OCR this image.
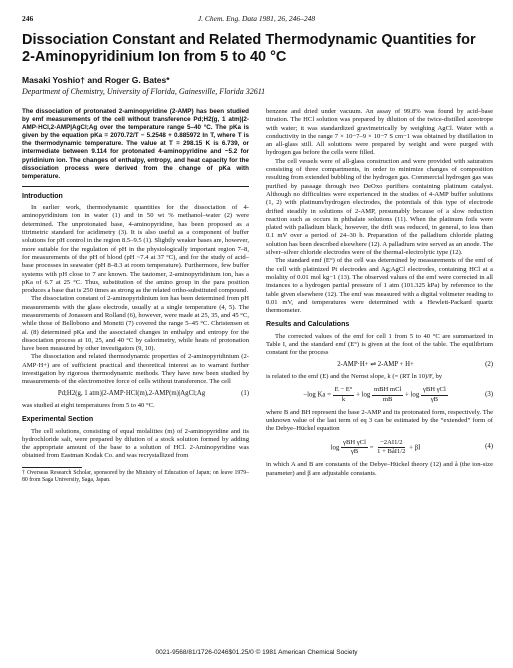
246	J. Chem. Eng. Data 1981, 26, 246–248
Dissociation Constant and Related Thermodynamic Quantities for 2-Aminopyridinium Ion from 5 to 40 °C
Masaki Yoshio† and Roger G. Bates*
Department of Chemistry, University of Florida, Gainesville, Florida 32611

The dissociation of protonated 2-aminopyridine (2-AMP) has been studied by emf measurements of the cell without transference Pd;H2(g, 1 atm)|2-AMP·HCl,2-AMP|AgCl;Ag over the temperature range 5–40 °C. The pKa is given by the equation pKa = 2070.72/T − 5.2548 + 0.885972 ln T, where T is the thermodynamic temperature. The value at T = 298.15 K is 6.739, or intermediate between 9.114 for protonated 4-aminopyridine and ~5.2 for pyridinium ion. The changes of enthalpy, entropy, and heat capacity for the dissociation process were derived from the change of pKa with temperature.

Introduction

In earlier work, thermodynamic quantities for the dissociation of 4-aminopyridinium ion in water (1) and in 50 wt % methanol–water (2) were determined. The unprotonated base, 4-aminopyridine, has been proposed as a titrimetric standard for acidimetry (3). It is also useful as a component of buffer solutions for pH control in the region 8.5–9.5 (1). Slightly weaker bases are, however, more suitable for the regulation of pH in the physiologically important region 7–8, for measurements of the pH of blood (pH ~7.4 at 37 °C), and for the study of acid–base processes in seawater (pH 8–8.3 at room temperature). Furthermore, few buffer systems with pH close to 7 are known. The tautomer, 2-aminopyridinium ion, has a pKa of 6.7 at 25 °C. Thus, substitution of the amino group in the para position produces a base that is 250 times as strong as the related ortho-substituted compound.

The dissociation constant of 2-aminopyridinium ion has been determined from pH measurements with the glass electrode, usually at a single temperature (4, 5). The measurements of Jonassen and Rolland (6), however, were made at 25, 35, and 45 °C, while those of Bellobono and Monetti (7) covered the range 5–45 °C. Christensen et al. (8) determined pKa and the associated changes in enthalpy and entropy for the dissociation process at 10, 25, and 40 °C by calorimetry, while heats of protonation have been measured by other investigators (9, 10).

The dissociation and related thermodynamic properties of 2-aminopyridinium (2-AMP·H+) are of sufficient practical and theoretical interest as to warrant further investigation by rigorous thermodynamic methods. They have now been studied by measurements of the electromotive force of cells without transference. The cell

Pd;H2(g, 1 atm)|2-AMP·HCl(m),2-AMP(m)|AgCl;Ag	(1)

was studied at eight temperatures from 5 to 40 °C.

Experimental Section

The cell solutions, consisting of equal molalities (m) of 2-aminopyridine and its hydrochloride salt, were prepared by dilution of a stock solution formed by adding the appropriate amount of the base to a solution of HCl. 2-Aminopyridine was obtained from Eastman Kodak Co. and was recrystallized from

† Overseas Research Scholar, sponsored by the Ministry of Education of Japan; on leave 1979–80 from Saga University, Saga, Japan.

benzene and dried under vacuum. An assay of 99.8% was found by acid–base titration. The HCl solution was prepared by dilution of the twice-distilled azeotrope with water; it was standardized gravimetrically by weighing AgCl. Water with a conductivity in the range 7 × 10−7–9 × 10−7 S cm−1 was obtained by distillation in an all-glass still. All solutions were prepared by weight and were purged with hydrogen gas before the cells were filled.

The cell vessels were of all-glass construction and were provided with saturators consisting of three compartments, in order to minimize changes of composition resulting from extended bubbling of the hydrogen gas. Commercial hydrogen gas was purified by passage through two DeOxo purifiers containing platinum catalyst. Although no difficulties were experienced in the studies of 4-AMP buffer solutions (1, 2) with platinum/hydrogen electrodes, the potentials of this type of electrode drifted steadily in solutions of 2-AMP, presumably because of a slow reduction reaction such as occurs in phthalate solutions (11). When the platinum foils were plated with palladium black, however, the drift was reduced, in general, to less than 0.1 mV over a period of 24–30 h. Preparation of the palladium chloride plating solution has been described elsewhere (12). A palladium wire served as an anode. The silver–silver chloride electrodes were of the thermal-electrolytic type (12).

The standard emf (E°) of the cell was determined by measurements of the emf of the cell with platinized Pt electrodes and Ag;AgCl electrodes, containing HCl at a molality of 0.01 mol kg−1 (13). The observed values of the emf were corrected in all instances to a hydrogen partial pressure of 1 atm (101.325 kPa) by reference to the table given elsewhere (12). The emf was measured with a digital voltmeter reading to 0.01 mV, and temperatures were determined with a Hewlett-Packard quartz thermometer.

Results and Calculations

The corrected values of the emf for cell 1 from 5 to 40 °C are summarized in Table I, and the standard emf (E°) is given at the foot of the table. The equilibrium constant for the process

2-AMP·H+ ⇌ 2-AMP + H+	(2)

is related to the emf (E) and the Nernst slope, k (= (RT ln 10)/F, by

−log $Ka = \frac{E - E^\circ}{k} + \log \frac{\text{mBH mCl}}{mB} + \log \frac{\text{γBH γCl}}{\gamma B}$	(3)

where B and BH represent the base 2-AMP and its protonated form, respectively. The unknown value of the last term of eq 3 can be estimated by the “extended” form of the Debye–Hückel equation

$\log \frac{\text{γBH γCl}}{\gamma B} = \frac{-2AI1/2}{\text{1 + BåI1/2}} + \beta I$	(4)

in which A and B are constants of the Debye–Hückel theory (12) and å (the ion-size parameter) and β are adjustable constants.

0021-9568/81/1726-0246$01.25/0 © 1981 American Chemical Society
